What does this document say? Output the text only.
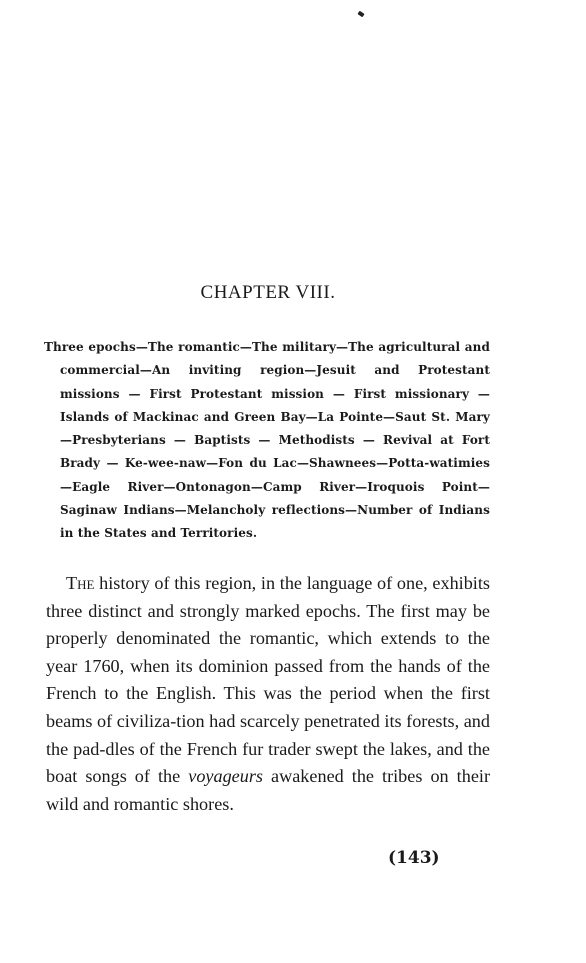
CHAPTER VIII.
Three epochs—The romantic—The military—The agricultural and commercial—An inviting region—Jesuit and Protestant missions — First Protestant mission — First missionary — Islands of Mackinac and Green Bay—La Pointe—Saut St. Mary—Presbyterians — Baptists — Methodists — Revival at Fort Brady — Ke-wee-naw—Fon du Lac—Shawnees—Potta-watimies—Eagle River—Ontonagon—Camp River—Iroquois Point—Saginaw Indians—Melancholy reflections—Number of Indians in the States and Territories.

The history of this region, in the language of one, exhibits three distinct and strongly marked epochs. The first may be properly denominated the romantic, which extends to the year 1760, when its dominion passed from the hands of the French to the English. This was the period when the first beams of civiliza-tion had scarcely penetrated its forests, and the pad-dles of the French fur trader swept the lakes, and the boat songs of the voyageurs awakened the tribes on their wild and romantic shores.

(143)
